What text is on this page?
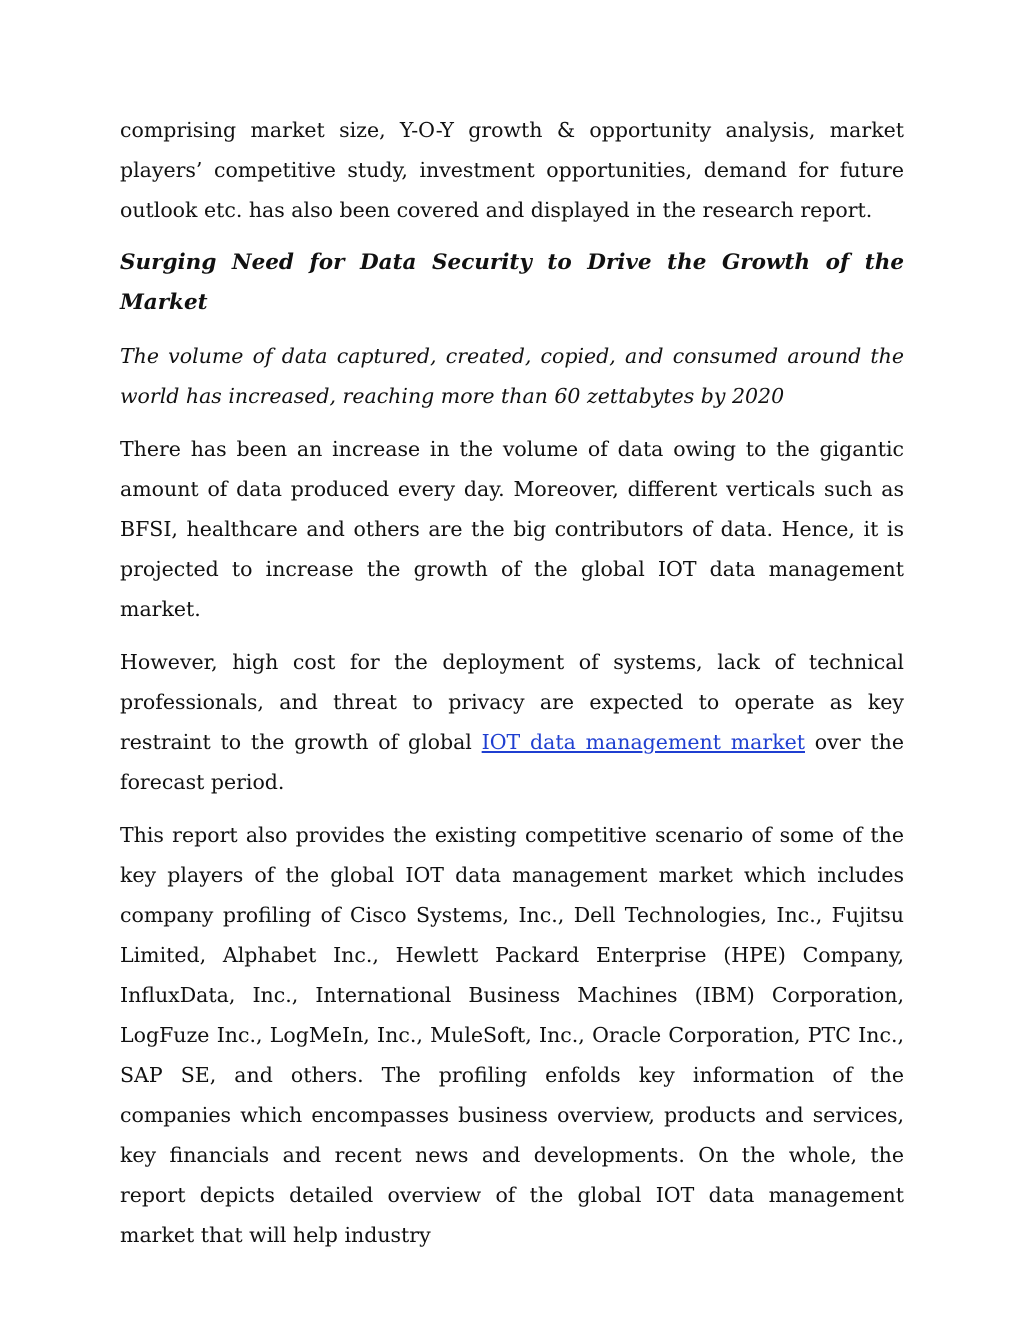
comprising market size, Y-O-Y growth & opportunity analysis, market players’ competitive study, investment opportunities, demand for future outlook etc. has also been covered and displayed in the research report.

Surging Need for Data Security to Drive the Growth of the Market

The volume of data captured, created, copied, and consumed around the world has increased, reaching more than 60 zettabytes by 2020

There has been an increase in the volume of data owing to the gigantic amount of data produced every day. Moreover, different verticals such as BFSI, healthcare and others are the big contributors of data. Hence, it is projected to increase the growth of the global IOT data management market.

However, high cost for the deployment of systems, lack of technical professionals, and threat to privacy are expected to operate as key restraint to the growth of global IOT data management market over the forecast period.

This report also provides the existing competitive scenario of some of the key players of the global IOT data management market which includes company profiling of Cisco Systems, Inc., Dell Technologies, Inc., Fujitsu Limited, Alphabet Inc., Hewlett Packard Enterprise (HPE) Company, InfluxData, Inc., International Business Machines (IBM) Corporation, LogFuze Inc., LogMeIn, Inc., MuleSoft, Inc., Oracle Corporation, PTC Inc., SAP SE, and others. The profiling enfolds key information of the companies which encompasses business overview, products and services, key financials and recent news and developments. On the whole, the report depicts detailed overview of the global IOT data management market that will help industry
